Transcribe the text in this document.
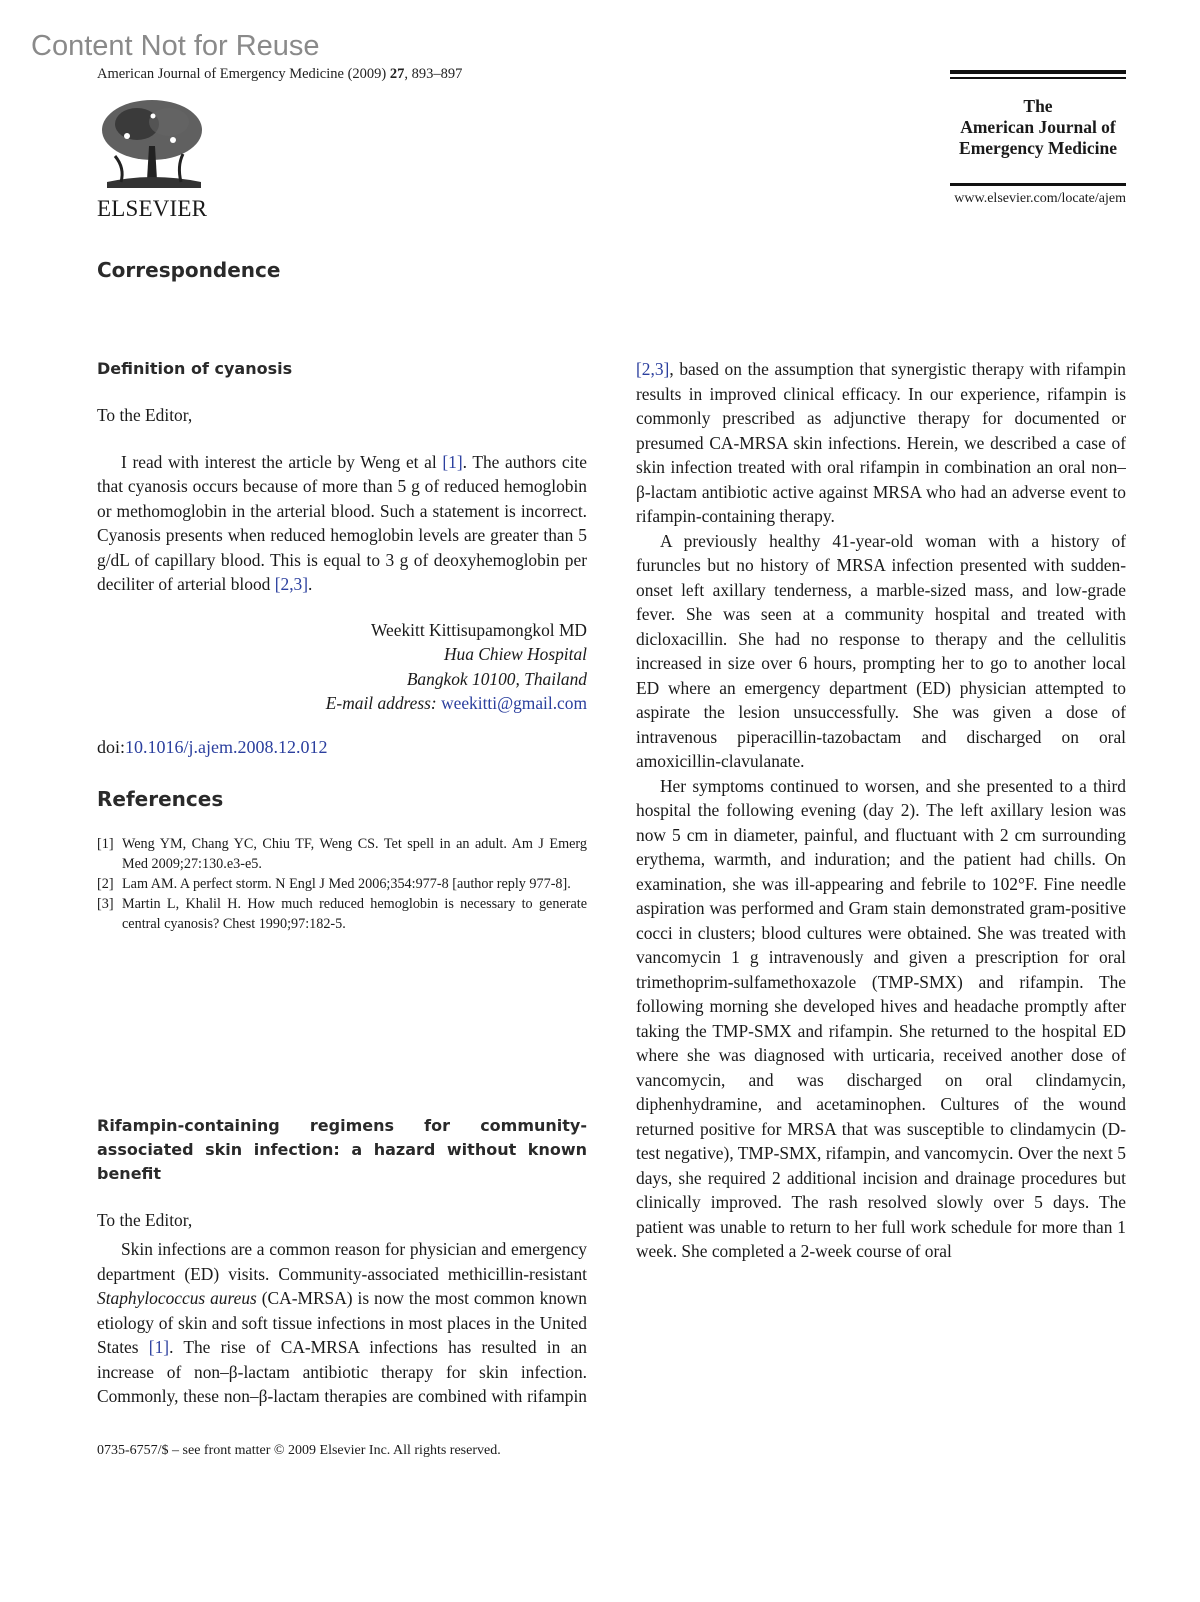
Content Not for Reuse
American Journal of Emergency Medicine (2009) 27, 893–897
ELSEVIER
The
American Journal of
Emergency Medicine
www.elsevier.com/locate/ajem
Correspondence
Definition of cyanosis

To the Editor,

I read with interest the article by Weng et al [1]. The authors cite that cyanosis occurs because of more than 5 g of reduced hemoglobin or methomoglobin in the arterial blood. Such a statement is incorrect. Cyanosis presents when reduced hemoglobin levels are greater than 5 g/dL of capillary blood. This is equal to 3 g of deoxyhemoglobin per deciliter of arterial blood [2,3].

Weekitt Kittisupamongkol MD
Hua Chiew Hospital
Bangkok 10100, Thailand
E-mail address: weekitti@gmail.com

doi:10.1016/j.ajem.2008.12.012

References
[1] Weng YM, Chang YC, Chiu TF, Weng CS. Tet spell in an adult. Am J Emerg Med 2009;27:130.e3-e5.
[2] Lam AM. A perfect storm. N Engl J Med 2006;354:977-8 [author reply 977-8].
[3] Martin L, Khalil H. How much reduced hemoglobin is necessary to generate central cyanosis? Chest 1990;97:182-5.
Rifampin-containing regimens for community-associated skin infection: a hazard without known benefit

To the Editor,

Skin infections are a common reason for physician and emergency department (ED) visits. Community-associated methicillin-resistant Staphylococcus aureus (CA-MRSA) is now the most common known etiology of skin and soft tissue infections in most places in the United States [1]. The rise of CA-MRSA infections has resulted in an increase of non–β-lactam antibiotic therapy for skin infection. Commonly, these non–β-lactam therapies are combined with rifampin

[2,3], based on the assumption that synergistic therapy with rifampin results in improved clinical efficacy. In our experience, rifampin is commonly prescribed as adjunctive therapy for documented or presumed CA-MRSA skin infections. Herein, we described a case of skin infection treated with oral rifampin in combination an oral non–β-lactam antibiotic active against MRSA who had an adverse event to rifampin-containing therapy.

A previously healthy 41-year-old woman with a history of furuncles but no history of MRSA infection presented with sudden-onset left axillary tenderness, a marble-sized mass, and low-grade fever. She was seen at a community hospital and treated with dicloxacillin. She had no response to therapy and the cellulitis increased in size over 6 hours, prompting her to go to another local ED where an emergency department (ED) physician attempted to aspirate the lesion unsuccessfully. She was given a dose of intravenous piperacillin-tazobactam and discharged on oral amoxicillin-clavulanate.

Her symptoms continued to worsen, and she presented to a third hospital the following evening (day 2). The left axillary lesion was now 5 cm in diameter, painful, and fluctuant with 2 cm surrounding erythema, warmth, and induration; and the patient had chills. On examination, she was ill-appearing and febrile to 102°F. Fine needle aspiration was performed and Gram stain demonstrated gram-positive cocci in clusters; blood cultures were obtained. She was treated with vancomycin 1 g intravenously and given a prescription for oral trimethoprim-sulfamethoxazole (TMP-SMX) and rifampin. The following morning she developed hives and headache promptly after taking the TMP-SMX and rifampin. She returned to the hospital ED where she was diagnosed with urticaria, received another dose of vancomycin, and was discharged on oral clindamycin, diphenhydramine, and acetaminophen. Cultures of the wound returned positive for MRSA that was susceptible to clindamycin (D-test negative), TMP-SMX, rifampin, and vancomycin. Over the next 5 days, she required 2 additional incision and drainage procedures but clinically improved. The rash resolved slowly over 5 days. The patient was unable to return to her full work schedule for more than 1 week. She completed a 2-week course of oral

0735-6757/$ – see front matter © 2009 Elsevier Inc. All rights reserved.
